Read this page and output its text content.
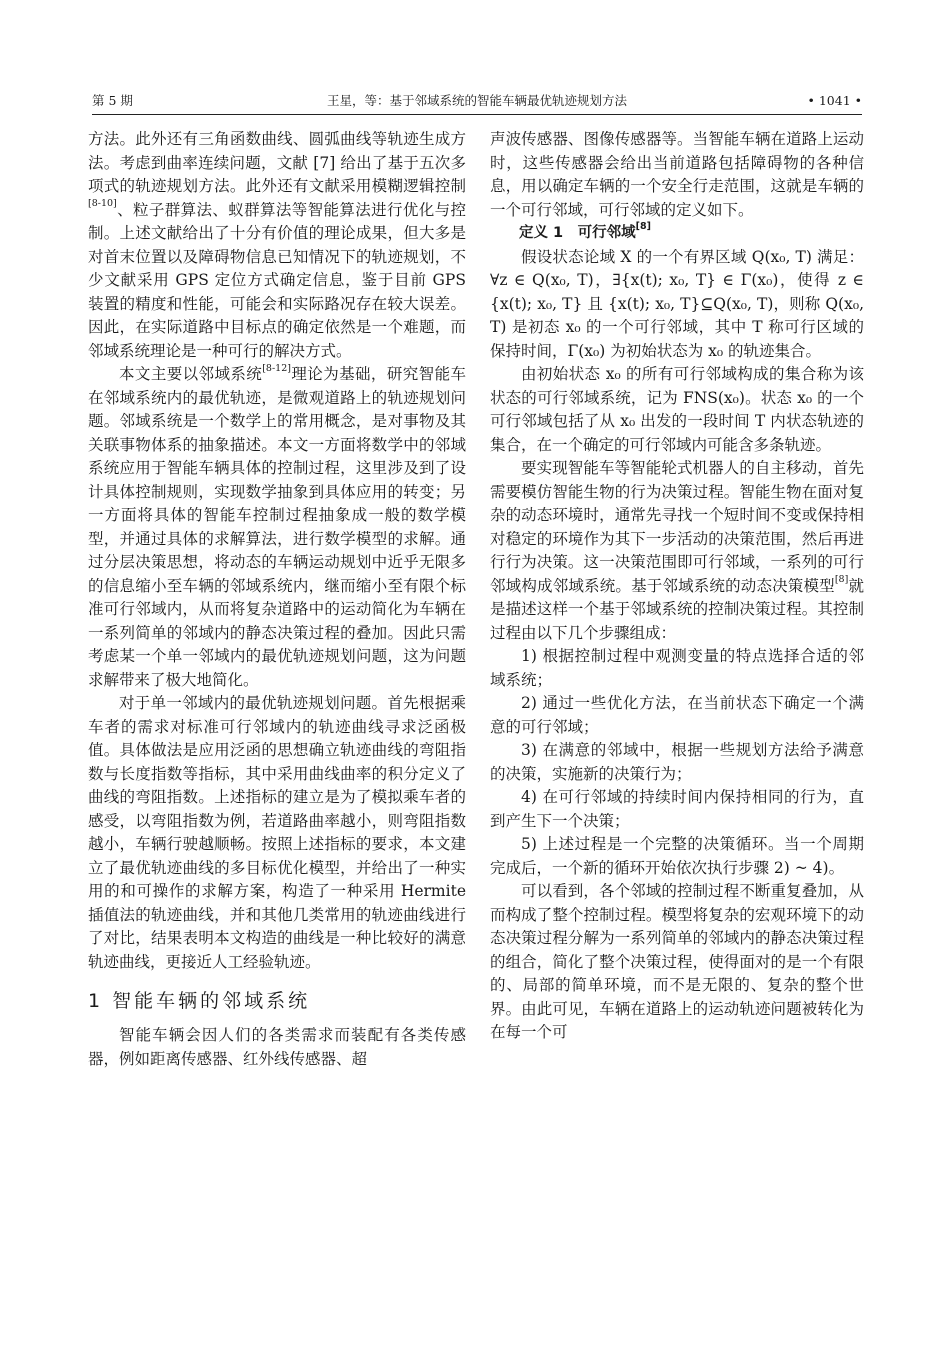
第 5 期	王星，等：基于邻域系统的智能车辆最优轨迹规划方法	• 1041 •

方法。此外还有三角函数曲线、圆弧曲线等轨迹生成方法。考虑到曲率连续问题，文献 [7] 给出了基于五次多项式的轨迹规划方法。此外还有文献采用模糊逻辑控制[8-10]、粒子群算法、蚁群算法等智能算法进行优化与控制。上述文献给出了十分有价值的理论成果，但大多是对首末位置以及障碍物信息已知情况下的轨迹规划，不少文献采用 GPS 定位方式确定信息，鉴于目前 GPS 装置的精度和性能，可能会和实际路况存在较大误差。因此，在实际道路中目标点的确定依然是一个难题，而邻域系统理论是一种可行的解决方式。

本文主要以邻域系统[8-12]理论为基础，研究智能车在邻域系统内的最优轨迹，是微观道路上的轨迹规划问题。邻域系统是一个数学上的常用概念，是对事物及其关联事物体系的抽象描述。本文一方面将数学中的邻域系统应用于智能车辆具体的控制过程，这里涉及到了设计具体控制规则，实现数学抽象到具体应用的转变；另一方面将具体的智能车控制过程抽象成一般的数学模型，并通过具体的求解算法，进行数学模型的求解。通过分层决策思想，将动态的车辆运动规划中近乎无限多的信息缩小至车辆的邻域系统内，继而缩小至有限个标准可行邻域内，从而将复杂道路中的运动简化为车辆在一系列简单的邻域内的静态决策过程的叠加。因此只需考虑某一个单一邻域内的最优轨迹规划问题，这为问题求解带来了极大地简化。

对于单一邻域内的最优轨迹规划问题。首先根据乘车者的需求对标准可行邻域内的轨迹曲线寻求泛函极值。具体做法是应用泛函的思想确立轨迹曲线的弯阻指数与长度指数等指标，其中采用曲线曲率的积分定义了曲线的弯阻指数。上述指标的建立是为了模拟乘车者的感受，以弯阻指数为例，若道路曲率越小，则弯阻指数越小，车辆行驶越顺畅。按照上述指标的要求，本文建立了最优轨迹曲线的多目标优化模型，并给出了一种实用的和可操作的求解方案，构造了一种采用 Hermite 插值法的轨迹曲线，并和其他几类常用的轨迹曲线进行了对比，结果表明本文构造的曲线是一种比较好的满意轨迹曲线，更接近人工经验轨迹。

1 智能车辆的邻域系统

智能车辆会因人们的各类需求而装配有各类传感器，例如距离传感器、红外线传感器、超

声波传感器、图像传感器等。当智能车辆在道路上运动时，这些传感器会给出当前道路包括障碍物的各种信息，用以确定车辆的一个安全行走范围，这就是车辆的一个可行邻域，可行邻域的定义如下。

定义 1　可行邻域[8]

假设状态论域 X 的一个有界区域 Q(x₀, T) 满足：∀z ∈ Q(x₀, T)，∃{x(t); x₀, T} ∈ Γ(x₀)，使得 z ∈ {x(t); x₀, T} 且 {x(t); x₀, T}⊆Q(x₀, T)，则称 Q(x₀, T) 是初态 x₀ 的一个可行邻域，其中 T 称可行区域的保持时间，Γ(x₀) 为初始状态为 x₀ 的轨迹集合。

由初始状态 x₀ 的所有可行邻域构成的集合称为该状态的可行邻域系统，记为 FNS(x₀)。状态 x₀ 的一个可行邻域包括了从 x₀ 出发的一段时间 T 内状态轨迹的集合，在一个确定的可行邻域内可能含多条轨迹。

要实现智能车等智能轮式机器人的自主移动，首先需要模仿智能生物的行为决策过程。智能生物在面对复杂的动态环境时，通常先寻找一个短时间不变或保持相对稳定的环境作为其下一步活动的决策范围，然后再进行行为决策。这一决策范围即可行邻域，一系列的可行邻域构成邻域系统。基于邻域系统的动态决策模型[8]就是描述这样一个基于邻域系统的控制决策过程。其控制过程由以下几个步骤组成：

1) 根据控制过程中观测变量的特点选择合适的邻域系统；

2) 通过一些优化方法，在当前状态下确定一个满意的可行邻域；

3) 在满意的邻域中，根据一些规划方法给予满意的决策，实施新的决策行为；

4) 在可行邻域的持续时间内保持相同的行为，直到产生下一个决策；

5) 上述过程是一个完整的决策循环。当一个周期完成后，一个新的循环开始依次执行步骤 2) ~ 4)。

可以看到，各个邻域的控制过程不断重复叠加，从而构成了整个控制过程。模型将复杂的宏观环境下的动态决策过程分解为一系列简单的邻域内的静态决策过程的组合，简化了整个决策过程，使得面对的是一个有限的、局部的简单环境，而不是无限的、复杂的整个世界。由此可见，车辆在道路上的运动轨迹问题被转化为在每一个可
